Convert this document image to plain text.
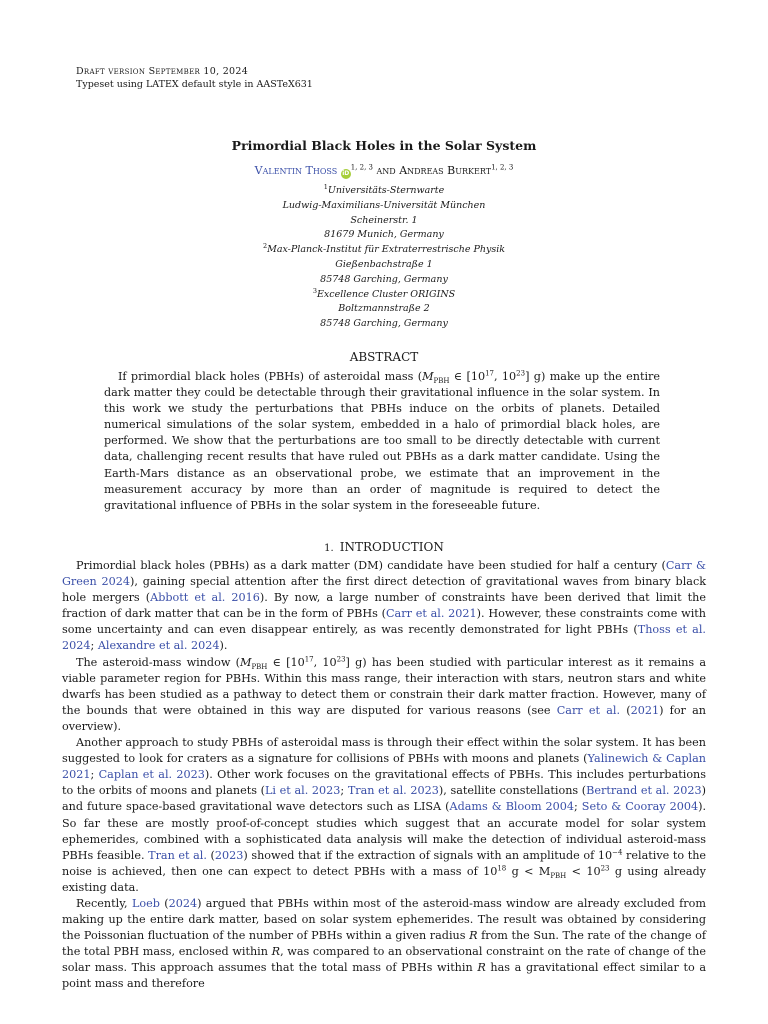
Draft version September 10, 2024
Typeset using LATEX default style in AASTeX631
Primordial Black Holes in the Solar System
Valentin Thoss iD$^{1, 2, 3}$ and Andreas Burkert$^{1, 2, 3}$
$^1$Universitäts-Sternwarte
Ludwig-Maximilians-Universität München
Scheinerstr. 1
81679 Munich, Germany
$^2$Max-Planck-Institut für Extraterrestrische Physik
Gießenbachstraße 1
85748 Garching, Germany
$^3$Excellence Cluster ORIGINS
Boltzmannstraße 2
85748 Garching, Germany
ABSTRACT
If primordial black holes (PBHs) of asteroidal mass ($M_{PBH}$ ∈ [$10^{17}$, $10^{23}$] g) make up the entire dark matter they could be detectable through their gravitational influence in the solar system. In this work we study the perturbations that PBHs induce on the orbits of planets. Detailed numerical simulations of the solar system, embedded in a halo of primordial black holes, are performed. We show that the perturbations are too small to be directly detectable with current data, challenging recent results that have ruled out PBHs as a dark matter candidate. Using the Earth-Mars distance as an observational probe, we estimate that an improvement in the measurement accuracy by more than an order of magnitude is required to detect the gravitational influence of PBHs in the solar system in the foreseeable future.
1. INTRODUCTION

Primordial black holes (PBHs) as a dark matter (DM) candidate have been studied for half a century (Carr & Green 2024), gaining special attention after the first direct detection of gravitational waves from binary black hole mergers (Abbott et al. 2016). By now, a large number of constraints have been derived that limit the fraction of dark matter that can be in the form of PBHs (Carr et al. 2021). However, these constraints come with some uncertainty and can even disappear entirely, as was recently demonstrated for light PBHs (Thoss et al. 2024; Alexandre et al. 2024).

The asteroid-mass window ($M_{PBH}$ ∈ [$10^{17}$, $10^{23}$] g) has been studied with particular interest as it remains a viable parameter region for PBHs. Within this mass range, their interaction with stars, neutron stars and white dwarfs has been studied as a pathway to detect them or constrain their dark matter fraction. However, many of the bounds that were obtained in this way are disputed for various reasons (see Carr et al. (2021) for an overview).

Another approach to study PBHs of asteroidal mass is through their effect within the solar system. It has been suggested to look for craters as a signature for collisions of PBHs with moons and planets (Yalinewich & Caplan 2021; Caplan et al. 2023). Other work focuses on the gravitational effects of PBHs. This includes perturbations to the orbits of moons and planets (Li et al. 2023; Tran et al. 2023), satellite constellations (Bertrand et al. 2023) and future space-based gravitational wave detectors such as LISA (Adams & Bloom 2004; Seto & Cooray 2004). So far these are mostly proof-of-concept studies which suggest that an accurate model for solar system ephemerides, combined with a sophisticated data analysis will make the detection of individual asteroid-mass PBHs feasible. Tran et al. (2023) showed that if the extraction of signals with an amplitude of $10^{-4}$ relative to the noise is achieved, then one can expect to detect PBHs with a mass of $10^{18}$ $g < M_{PBH} < 10^{23}$ g using already existing data.

Recently, Loeb (2024) argued that PBHs within most of the asteroid-mass window are already excluded from making up the entire dark matter, based on solar system ephemerides. The result was obtained by considering the Poissonian fluctuation of the number of PBHs within a given radius R from the Sun. The rate of the change of the total PBH mass, enclosed within R, was compared to an observational constraint on the rate of change of the solar mass. This approach assumes that the total mass of PBHs within R has a gravitational effect similar to a point mass and therefore
